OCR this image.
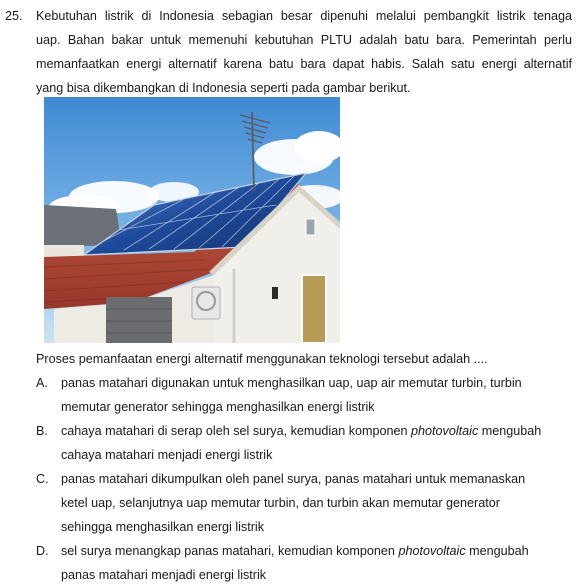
25. Kebutuhan listrik di Indonesia sebagian besar dipenuhi melalui pembangkit listrik tenaga
uap. Bahan bakar untuk memenuhi kebutuhan PLTU adalah batu bara. Pemerintah perlu
memanfaatkan energi alternatif karena batu bara dapat habis. Salah satu energi alternatif
yang bisa dikembangkan di Indonesia seperti pada gambar berikut.
Proses pemanfaatan energi alternatif menggunakan teknologi tersebut adalah ....
A. panas matahari digunakan untuk menghasilkan uap, uap air memutar turbin, turbin
memutar generator sehingga menghasilkan energi listrik
B. cahaya matahari di serap oleh sel surya, kemudian komponen photovoltaic mengubah
cahaya matahari menjadi energi listrik
C. panas matahari dikumpulkan oleh panel surya, panas matahari untuk memanaskan
ketel uap, selanjutnya uap memutar turbin, dan turbin akan memutar generator
sehingga menghasilkan energi listrik
D. sel surya menangkap panas matahari, kemudian komponen photovoltaic mengubah
panas matahari menjadi energi listrik
